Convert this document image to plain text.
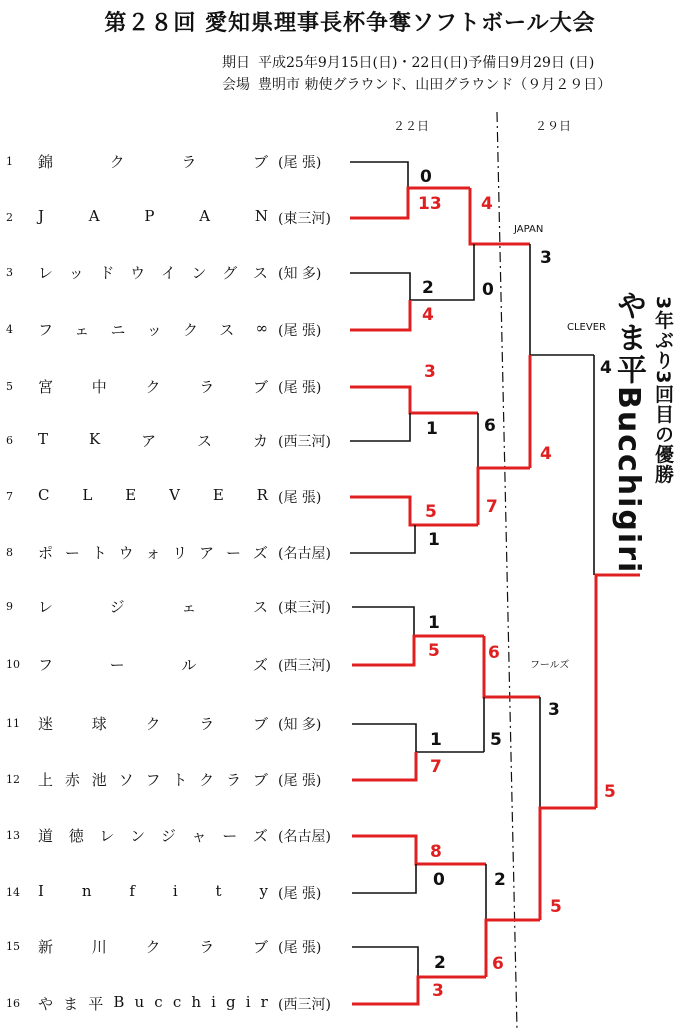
第２８回 愛知県理事長杯争奪ソフトボール大会
期日 平成25年9月15日(日)・22日(日)予備日9月29日 (日)
会場 豊明市 勅使グラウンド、山田グラウンド（９月２９日）
２２日	２９日
1	錦	ク	ラ	ブ (尾 張)
2	J	A	P	A	N (東三河)
3	レ ッ ド ウ イ ン グ ス (知 多)
4	フ ェ ニ ッ ク ス ∞ (尾 張)
5	宮	中	ク	ラ	ブ (尾 張)
6	T	K	ア	ス	カ (西三河)
7	C L E V E R (尾 張)
8	ポ ー ト ウ ォ リ ア ー ズ (名古屋)
9	レ	ジ	ェ	ス (東三河)
10	フ	ー	ル	ズ (西三河)
11	迷	球	ク	ラ	ブ (知 多)
12	上 赤 池 ソ フ ト ク ラ ブ (尾 張)
13	道 徳 レ ン ジ ャ ー ズ (名古屋)
14	I	n	f	i	t	y (尾 張)
15	新	川	ク	ラ	ブ (尾 張)
16	や ま 平 B u c c h i g i r (西三河)
0
13
2
4
3
1
5
1
1
5
1
7
8
0
2
3
4
0
6
7
6
5
2
6
3
4
3
5
4
5
JAPAN
CLEVER
フールズ
3年ぶり3回目の優勝
やま平Bucchigiri
